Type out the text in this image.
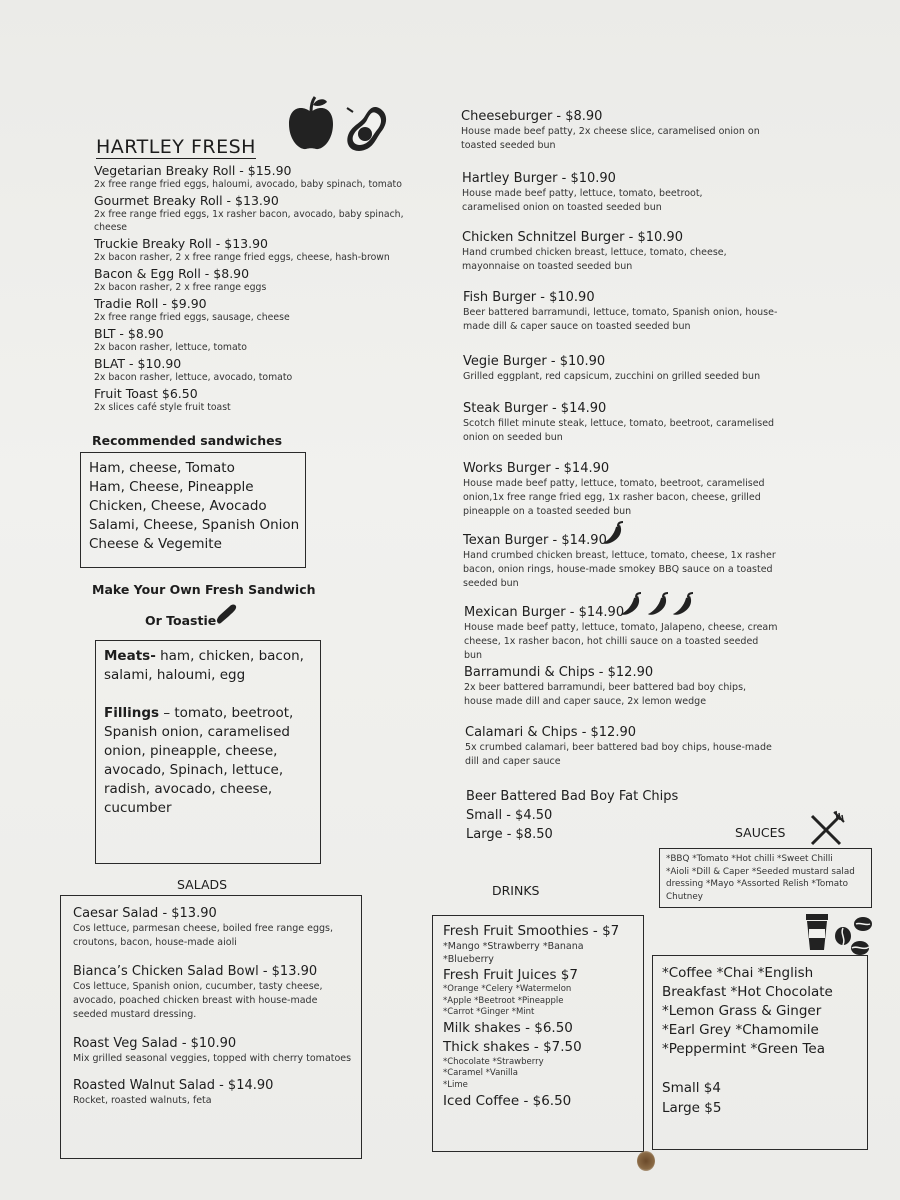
HARTLEY FRESH
Vegetarian Breaky Roll - $15.90
2x free range fried eggs, haloumi, avocado, baby spinach, tomato
Gourmet Breaky Roll - $13.90
2x free range fried eggs, 1x rasher bacon, avocado, baby spinach, cheese
Truckie Breaky Roll - $13.90
2x bacon rasher, 2 x free range fried eggs, cheese, hash-brown
Bacon & Egg Roll - $8.90
2x bacon rasher, 2 x free range eggs
Tradie Roll - $9.90
2x free range fried eggs, sausage, cheese
BLT - $8.90
2x bacon rasher, lettuce, tomato
BLAT - $10.90
2x bacon rasher, lettuce, avocado, tomato
Fruit Toast $6.50
2x slices café style fruit toast
Recommended sandwiches
Ham, cheese, Tomato
Ham, Cheese, Pineapple
Chicken, Cheese, Avocado
Salami, Cheese, Spanish Onion
Cheese & Vegemite
Make Your Own Fresh Sandwich
Or Toastie
Meats- ham, chicken, bacon,
salami, haloumi, egg
Fillings – tomato, beetroot,
Spanish onion, caramelised
onion, pineapple, cheese,
avocado, Spinach, lettuce,
radish, avocado, cheese,
cucumber
SALADS
Caesar Salad - $13.90
Cos lettuce, parmesan cheese, boiled free range eggs, croutons, bacon, house-made aioli
Bianca’s Chicken Salad Bowl - $13.90
Cos lettuce, Spanish onion, cucumber, tasty cheese, avocado, poached chicken breast with house-made seeded mustard dressing.
Roast Veg Salad - $10.90
Mix grilled seasonal veggies, topped with cherry tomatoes
Roasted Walnut Salad - $14.90
Rocket, roasted walnuts, feta
Cheeseburger - $8.90
House made beef patty, 2x cheese slice, caramelised onion on toasted seeded bun
Hartley Burger - $10.90
House made beef patty, lettuce, tomato, beetroot, caramelised onion on toasted seeded bun
Chicken Schnitzel Burger - $10.90
Hand crumbed chicken breast, lettuce, tomato, cheese, mayonnaise on toasted seeded bun
Fish Burger - $10.90
Beer battered barramundi, lettuce, tomato, Spanish onion, house-made dill & caper sauce on toasted seeded bun
Vegie Burger - $10.90
Grilled eggplant, red capsicum, zucchini on grilled seeded bun
Steak Burger - $14.90
Scotch fillet minute steak, lettuce, tomato, beetroot, caramelised onion on seeded bun
Works Burger - $14.90
House made beef patty, lettuce, tomato, beetroot, caramelised onion,1x free range fried egg, 1x rasher bacon, cheese, grilled pineapple on a toasted seeded bun
Texan Burger - $14.90
Hand crumbed chicken breast, lettuce, tomato, cheese, 1x rasher bacon, onion rings, house-made smokey BBQ sauce on a toasted seeded bun
Mexican Burger - $14.90
House made beef patty, lettuce, tomato, Jalapeno, cheese, cream cheese, 1x rasher bacon, hot chilli sauce on a toasted seeded bun
Barramundi & Chips - $12.90
2x beer battered barramundi, beer battered bad boy chips, house made dill and caper sauce, 2x lemon wedge
Calamari & Chips - $12.90
5x crumbed calamari, beer battered bad boy chips, house-made dill and caper sauce
Beer Battered Bad Boy Fat Chips
Small - $4.50
Large - $8.50	SAUCES
*BBQ *Tomato *Hot chilli *Sweet Chilli
*Aioli *Dill & Caper *Seeded mustard salad
dressing *Mayo *Assorted Relish *Tomato
Chutney
DRINKS
Fresh Fruit Smoothies - $7
*Mango *Strawberry *Banana
*Blueberry
Fresh Fruit Juices $7
*Orange *Celery *Watermelon
*Apple *Beetroot *Pineapple
*Carrot *Ginger *Mint
Milk shakes - $6.50
Thick shakes - $7.50
*Chocolate *Strawberry
*Caramel *Vanilla
*Lime
Iced Coffee - $6.50
*Coffee *Chai *English
Breakfast *Hot Chocolate
*Lemon Grass & Ginger
*Earl Grey *Chamomile
*Peppermint *Green Tea
Small $4
Large $5
